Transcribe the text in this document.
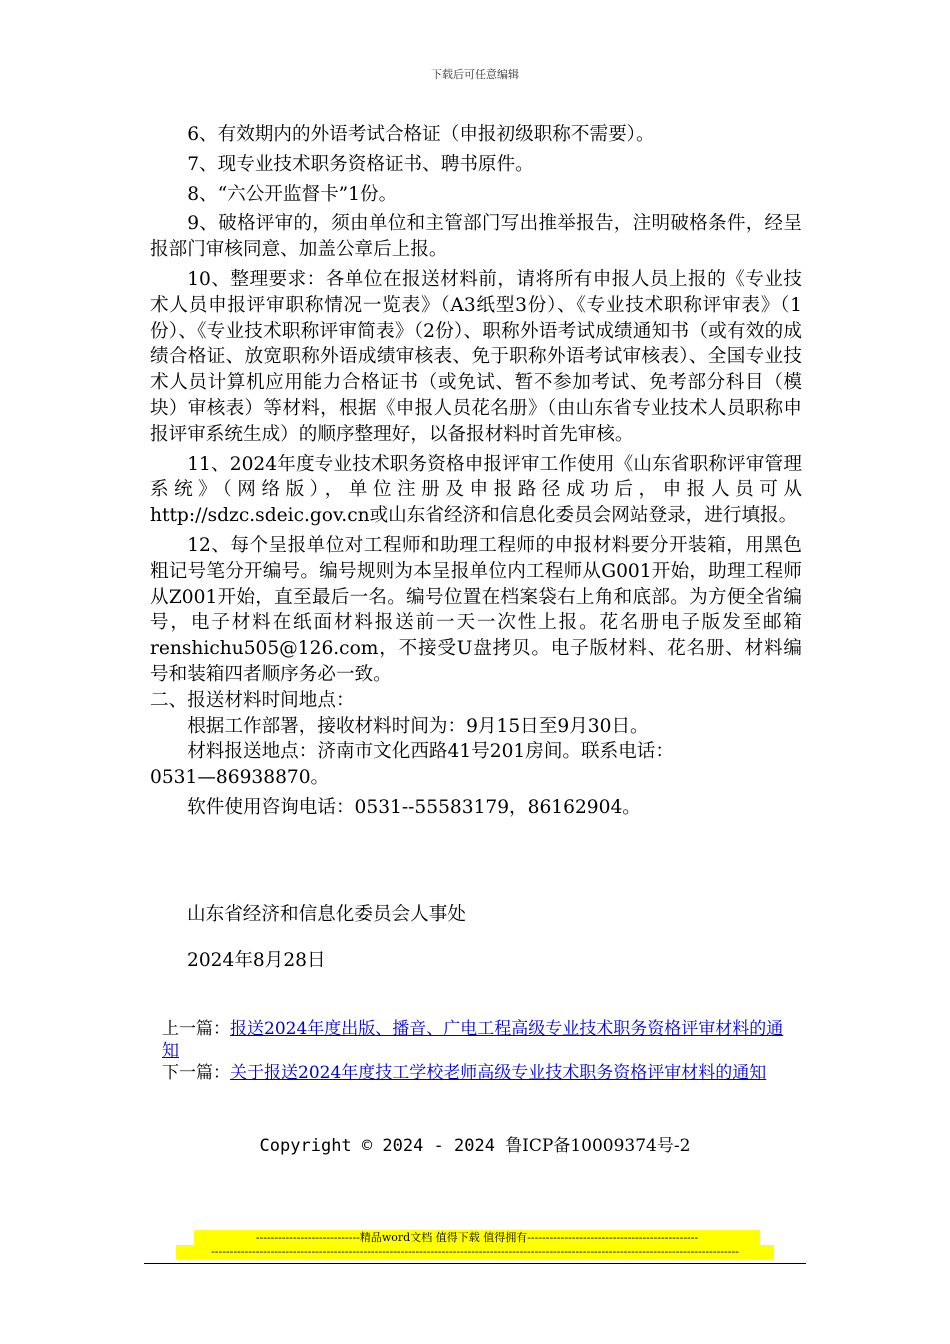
下载后可任意编辑

6、有效期内的外语考试合格证（申报初级职称不需要）。

7、现专业技术职务资格证书、聘书原件。

8、“六公开监督卡”1份。

9、破格评审的，须由单位和主管部门写出推举报告，注明破格条件，经呈报部门审核同意、加盖公章后上报。

10、整理要求：各单位在报送材料前，请将所有申报人员上报的《专业技术人员申报评审职称情况一览表》（A3纸型3份）、《专业技术职称评审表》（1份）、《专业技术职称评审简表》（2份）、职称外语考试成绩通知书（或有效的成绩合格证、放宽职称外语成绩审核表、免于职称外语考试审核表）、全国专业技术人员计算机应用能力合格证书（或免试、暂不参加考试、免考部分科目（模块）审核表）等材料，根据《申报人员花名册》（由山东省专业技术人员职称申报评审系统生成）的顺序整理好，以备报材料时首先审核。

11、2024年度专业技术职务资格申报评审工作使用《山东省职称评审管理系统》（网络版），单位注册及申报路径成功后，申报人员可从http://sdzc.sdeic.gov.cn或山东省经济和信息化委员会网站登录，进行填报。

12、每个呈报单位对工程师和助理工程师的申报材料要分开装箱，用黑色粗记号笔分开编号。编号规则为本呈报单位内工程师从G001开始，助理工程师从Z001开始，直至最后一名。编号位置在档案袋右上角和底部。为方便全省编号，电子材料在纸面材料报送前一天一次性上报。花名册电子版发至邮箱renshichu505@126.com，不接受U盘拷贝。电子版材料、花名册、材料编号和装箱四者顺序务必一致。

二、报送材料时间地点：

根据工作部署，接收材料时间为：9月15日至9月30日。

材料报送地点：济南市文化西路41号201房间。联系电话：

0531—86938870。

软件使用咨询电话：0531--55583179，86162904。

山东省经济和信息化委员会人事处
2024年8月28日
上一篇：报送2024年度出版、播音、广电工程高级专业技术职务资格评审材料的通知
下一篇：关于报送2024年度技工学校老师高级专业技术职务资格评审材料的通知
Copyright © 2024 - 2024 鲁ICP备10009374号-2
----------------------------精品word文档 值得下载 值得拥有----------------------------------------------
----------------------------------------------------------------------------------------------------------------------------------------------
